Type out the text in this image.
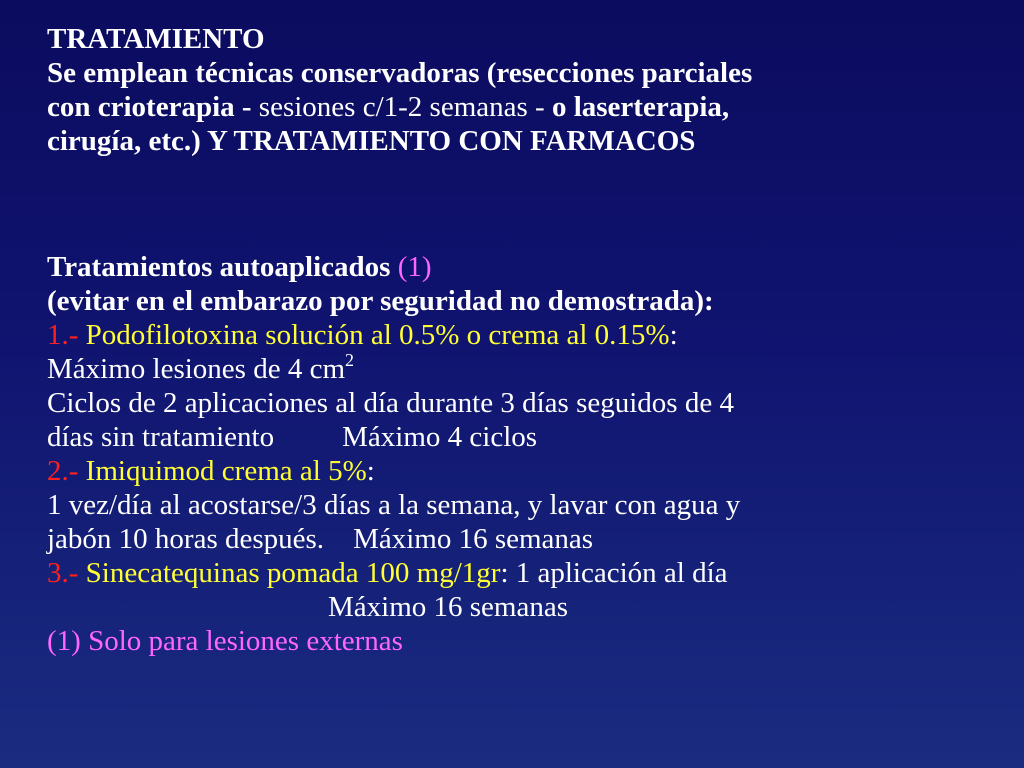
TRATAMIENTO
Se emplean técnicas conservadoras (resecciones parciales
con crioterapia - sesiones c/1-2 semanas - o laserterapia,
cirugía, etc.) Y TRATAMIENTO CON FARMACOS
Tratamientos autoaplicados (1)
(evitar en el embarazo por seguridad no demostrada):
1.- Podofilotoxina solución al 0.5% o crema al 0.15%:
Máximo lesiones de 4 $cm^2$
Ciclos de 2 aplicaciones al día durante 3 días seguidos de 4
días sin tratamiento Máximo 4 ciclos
2.- Imiquimod crema al 5%:
1 vez/día al acostarse/3 días a la semana, y lavar con agua y
jabón 10 horas después. Máximo 16 semanas
3.- Sinecatequinas pomada 100 mg/1gr: 1 aplicación al día
Máximo 16 semanas
(1) Solo para lesiones externas
